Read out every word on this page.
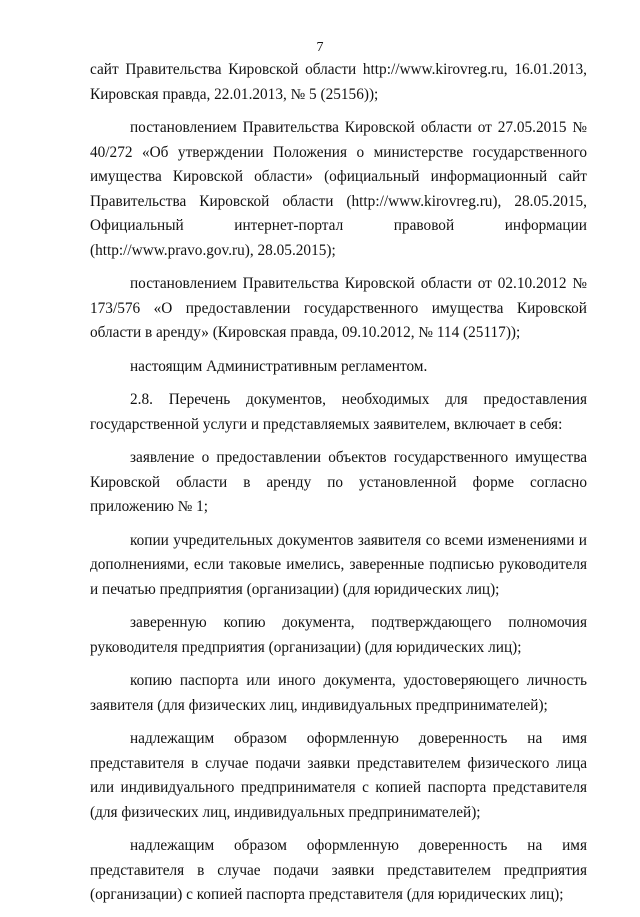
7

сайт Правительства Кировской области http://www.kirovreg.ru, 16.01.2013, Кировская правда, 22.01.2013, № 5 (25156));

постановлением Правительства Кировской области от 27.05.2015 № 40/272 «Об утверждении Положения о министерстве государственного имущества Кировской области» (официальный информационный сайт Правительства Кировской области (http://www.kirovreg.ru), 28.05.2015, Официальный интернет-портал правовой информации (http://www.pravo.gov.ru), 28.05.2015);

постановлением Правительства Кировской области от 02.10.2012 № 173/576 «О предоставлении государственного имущества Кировской области в аренду» (Кировская правда, 09.10.2012, № 114 (25117));

настоящим Административным регламентом.

2.8. Перечень документов, необходимых для предоставления государственной услуги и представляемых заявителем, включает в себя:

заявление о предоставлении объектов государственного имущества Кировской области в аренду по установленной форме согласно приложению № 1;

копии учредительных документов заявителя со всеми изменениями и дополнениями, если таковые имелись, заверенные подписью руководителя и печатью предприятия (организации) (для юридических лиц);

заверенную копию документа, подтверждающего полномочия руководителя предприятия (организации) (для юридических лиц);

копию паспорта или иного документа, удостоверяющего личность заявителя (для физических лиц, индивидуальных предпринимателей);

надлежащим образом оформленную доверенность на имя представителя в случае подачи заявки представителем физического лица или индивидуального предпринимателя с копией паспорта представителя (для физических лиц, индивидуальных предпринимателей);

надлежащим образом оформленную доверенность на имя представителя в случае подачи заявки представителем предприятия (организации) с копией паспорта представителя (для юридических лиц);
